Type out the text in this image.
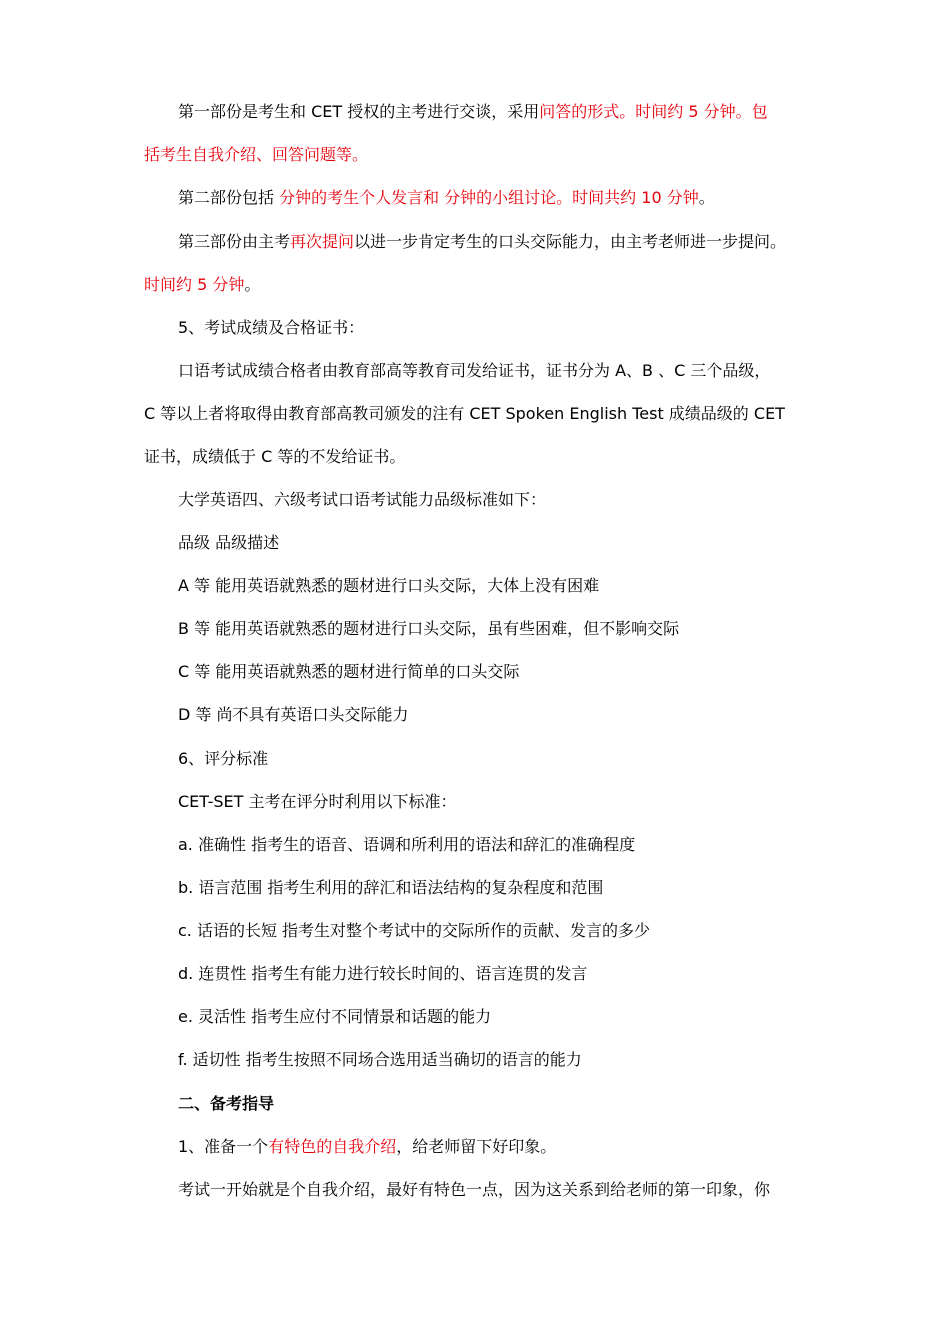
第一部份是考生和 CET 授权的主考进行交谈，采用问答的形式。时间约 5 分钟。包
括考生自我介绍、回答问题等。
第二部份包括 分钟的考生个人发言和 分钟的小组讨论。时间共约 10 分钟。
第三部份由主考再次提问以进一步肯定考生的口头交际能力，由主考老师进一步提问。
时间约 5 分钟。
5、考试成绩及合格证书：
口语考试成绩合格者由教育部高等教育司发给证书，证书分为 A、B 、C 三个品级，
C 等以上者将取得由教育部高教司颁发的注有 CET Spoken English Test 成绩品级的 CET
证书，成绩低于 C 等的不发给证书。
大学英语四、六级考试口语考试能力品级标准如下：
品级 品级描述
A 等 能用英语就熟悉的题材进行口头交际，大体上没有困难
B 等 能用英语就熟悉的题材进行口头交际，虽有些困难，但不影响交际
C 等 能用英语就熟悉的题材进行简单的口头交际
D 等 尚不具有英语口头交际能力
6、评分标准
CET-SET 主考在评分时利用以下标准：
a. 准确性 指考生的语音、语调和所利用的语法和辞汇的准确程度
b. 语言范围 指考生利用的辞汇和语法结构的复杂程度和范围
c. 话语的长短 指考生对整个考试中的交际所作的贡献、发言的多少
d. 连贯性 指考生有能力进行较长时间的、语言连贯的发言
e. 灵活性 指考生应付不同情景和话题的能力
f. 适切性 指考生按照不同场合选用适当确切的语言的能力
二、备考指导
1、准备一个有特色的自我介绍，给老师留下好印象。
考试一开始就是个自我介绍，最好有特色一点，因为这关系到给老师的第一印象，你
